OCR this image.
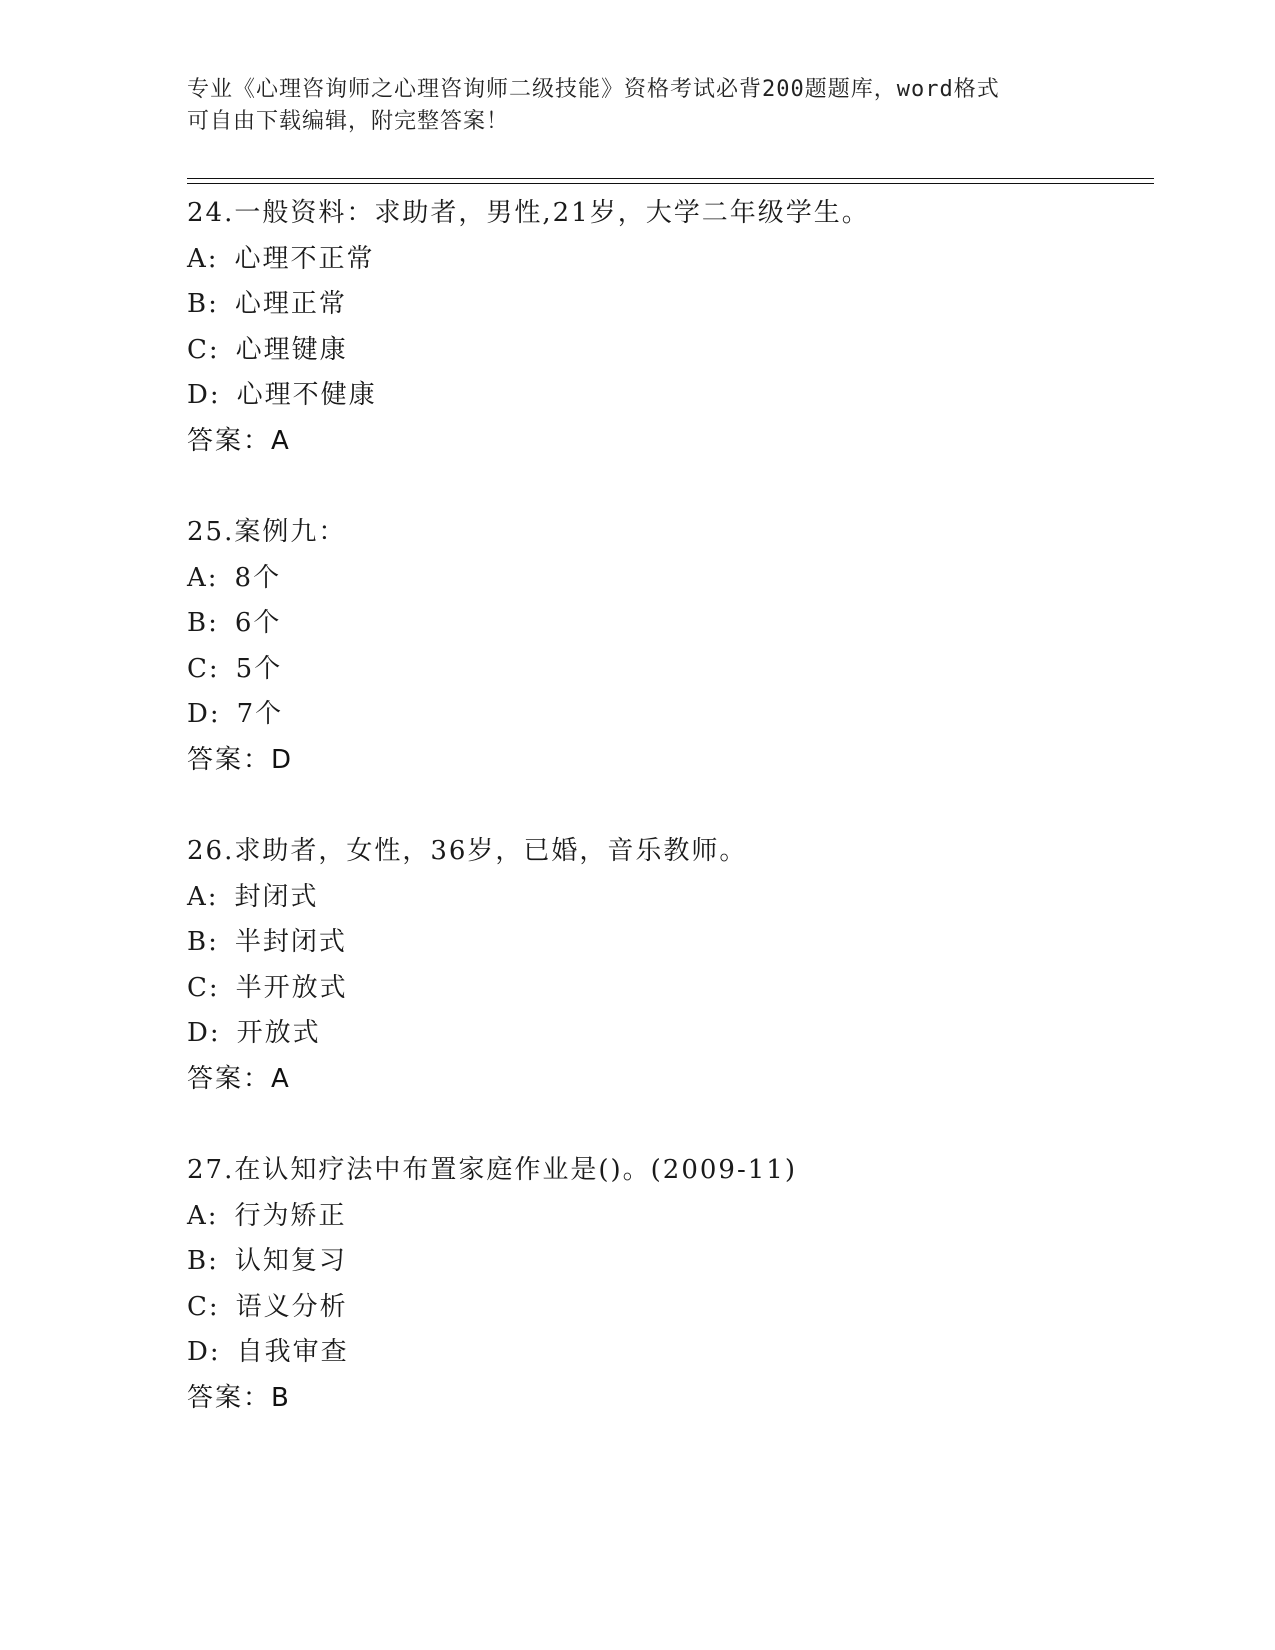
专业《心理咨询师之心理咨询师二级技能》资格考试必背200题题库，word格式
可自由下载编辑，附完整答案！
24.一般资料：求助者，男性,21岁，大学二年级学生。
A: 心理不正常
B: 心理正常
C: 心理键康
D: 心理不健康
答案：A
25.案例九：
A: 8个
B: 6个
C: 5个
D: 7个
答案：D
26.求助者，女性，36岁，已婚，音乐教师。
A: 封闭式
B: 半封闭式
C: 半开放式
D: 开放式
答案：A
27.在认知疗法中布置家庭作业是()。(2009-11)
A: 行为矫正
B: 认知复习
C: 语义分析
D: 自我审查
答案：B
